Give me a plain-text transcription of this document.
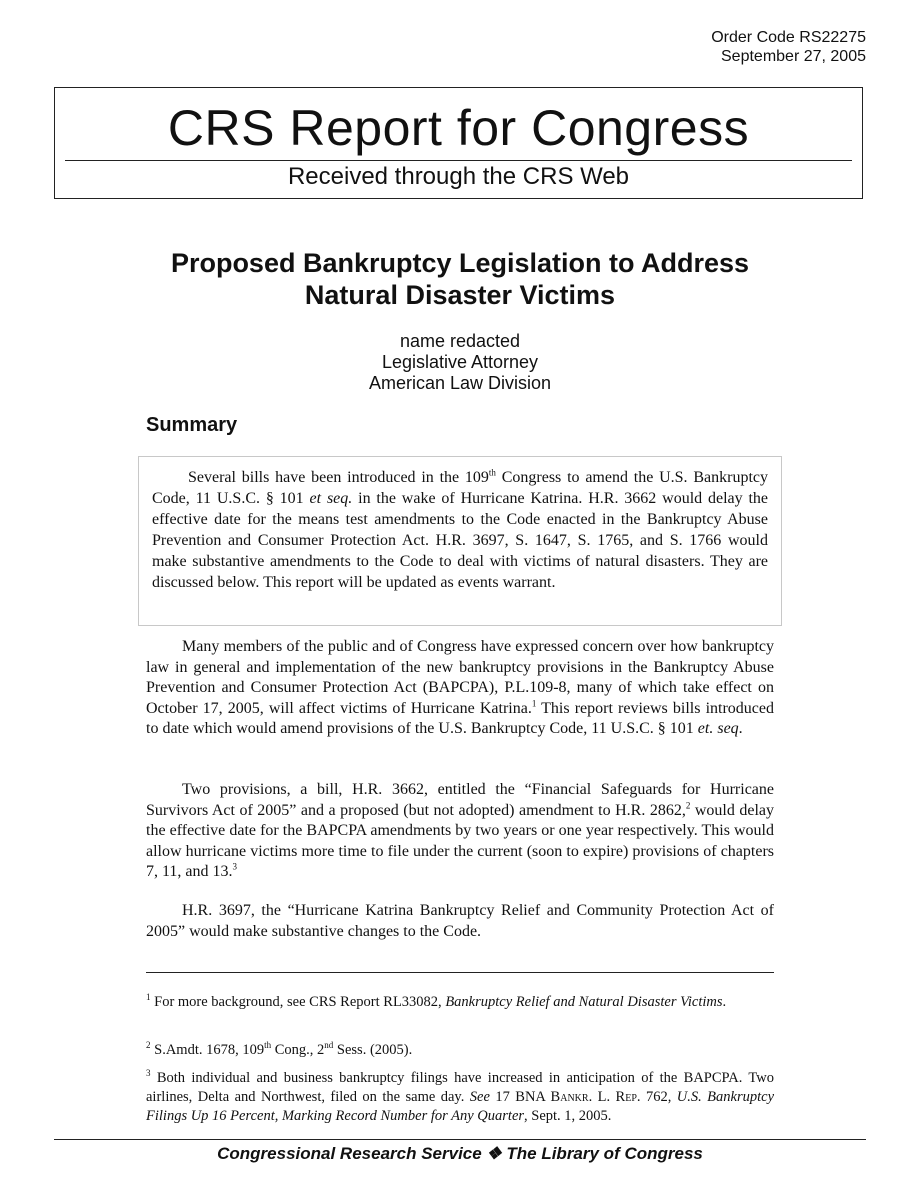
Order Code RS22275
September 27, 2005
CRS Report for Congress
Received through the CRS Web
Proposed Bankruptcy Legislation to Address
Natural Disaster Victims
name redacted
Legislative Attorney
American Law Division
Summary

Several bills have been introduced in the 109th Congress to amend the U.S. Bankruptcy Code, 11 U.S.C. § 101 et seq. in the wake of Hurricane Katrina. H.R. 3662 would delay the effective date for the means test amendments to the Code enacted in the Bankruptcy Abuse Prevention and Consumer Protection Act. H.R. 3697, S. 1647, S. 1765, and S. 1766 would make substantive amendments to the Code to deal with victims of natural disasters. They are discussed below. This report will be updated as events warrant.

Many members of the public and of Congress have expressed concern over how bankruptcy law in general and implementation of the new bankruptcy provisions in the Bankruptcy Abuse Prevention and Consumer Protection Act (BAPCPA), P.L.109-8, many of which take effect on October 17, 2005, will affect victims of Hurricane Katrina.$^1$ This report reviews bills introduced to date which would amend provisions of the U.S. Bankruptcy Code, 11 U.S.C. § 101 et. seq.

Two provisions, a bill, H.R. 3662, entitled the “Financial Safeguards for Hurricane Survivors Act of 2005” and a proposed (but not adopted) amendment to H.R. 2862,$^2$ would delay the effective date for the BAPCPA amendments by two years or one year respectively. This would allow hurricane victims more time to file under the current (soon to expire) provisions of chapters 7, 11, and 13.$^3$

H.R. 3697, the “Hurricane Katrina Bankruptcy Relief and Community Protection Act of 2005” would make substantive changes to the Code.

$^1$ For more background, see CRS Report RL33082, Bankruptcy Relief and Natural Disaster Victims.

$^2$ S.Amdt. 1678, 109th Cong., 2nd Sess. (2005).

$^3$ Both individual and business bankruptcy filings have increased in anticipation of the BAPCPA. Two airlines, Delta and Northwest, filed on the same day. See 17 BNA Bankr. L. Rep. 762, U.S. Bankruptcy Filings Up 16 Percent, Marking Record Number for Any Quarter, Sept. 1, 2005.

Congressional Research Service ❖ The Library of Congress
